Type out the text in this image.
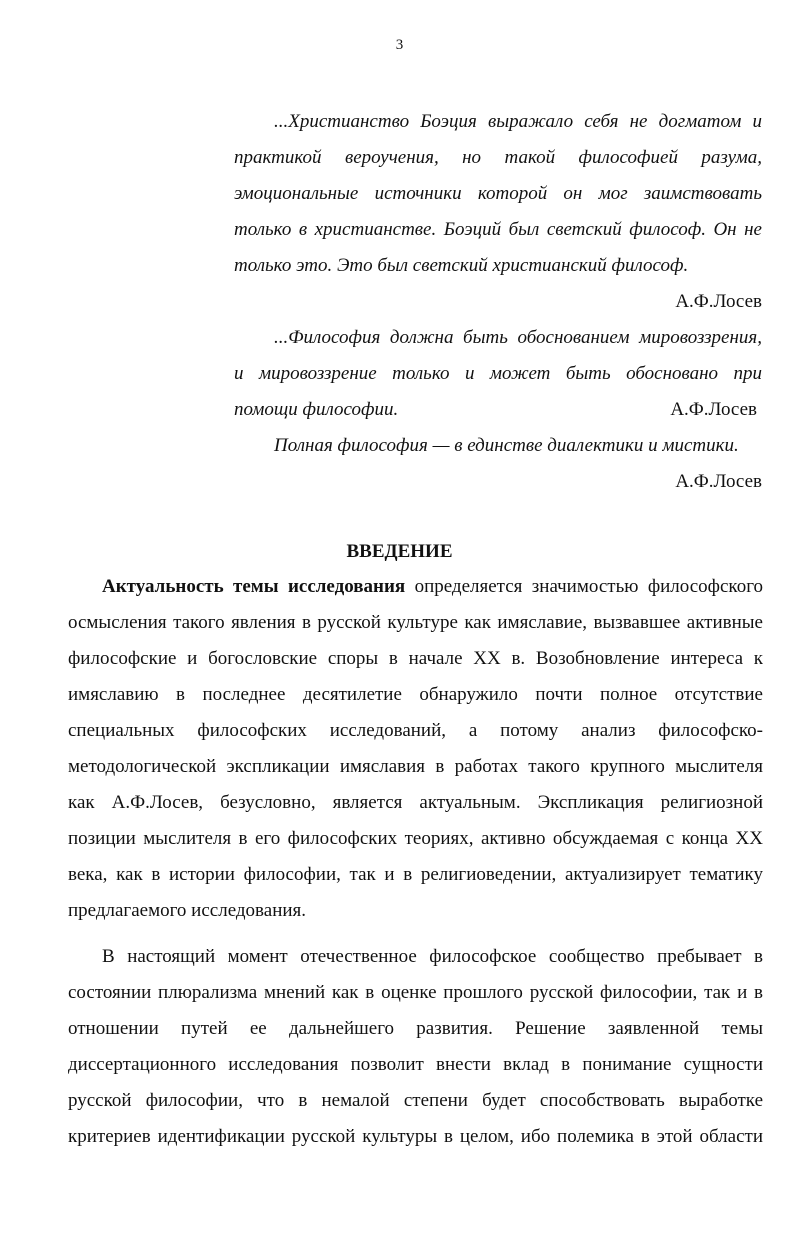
3
...Христианство Боэция выражало себя не догматом и
практикой вероучения, но такой философией разума,
эмоциональные источники которой он мог заимствовать
только в христианстве. Боэций был светский философ. Он не
только это. Это был светский христианский философ.
А.Ф.Лосев
...Философия должна быть обоснованием мировоззрения,
и мировоззрение только и может быть обосновано при
помощи философии.	А.Ф.Лосев
Полная философия — в единстве диалектики и мистики.
А.Ф.Лосев
ВВЕДЕНИЕ
Актуальность темы исследования определяется значимостью философского
осмысления такого явления в русской культуре как имяславие, вызвавшее активные
философские и богословские споры в начале XX в. Возобновление интереса к
имяславию в последнее десятилетие обнаружило почти полное отсутствие
специальных философских исследований, а потому анализ философско-
методологической экспликации имяславия в работах такого крупного мыслителя
как А.Ф.Лосев, безусловно, является актуальным. Экспликация религиозной
позиции мыслителя в его философских теориях, активно обсуждаемая с конца XX
века, как в истории философии, так и в религиоведении, актуализирует тематику
предлагаемого исследования.
В настоящий момент отечественное философское сообщество пребывает в
состоянии плюрализма мнений как в оценке прошлого русской философии, так и в
отношении путей ее дальнейшего развития. Решение заявленной темы
диссертационного исследования позволит внести вклад в понимание сущности
русской философии, что в немалой степени будет способствовать выработке
критериев идентификации русской культуры в целом, ибо полемика в этой области
